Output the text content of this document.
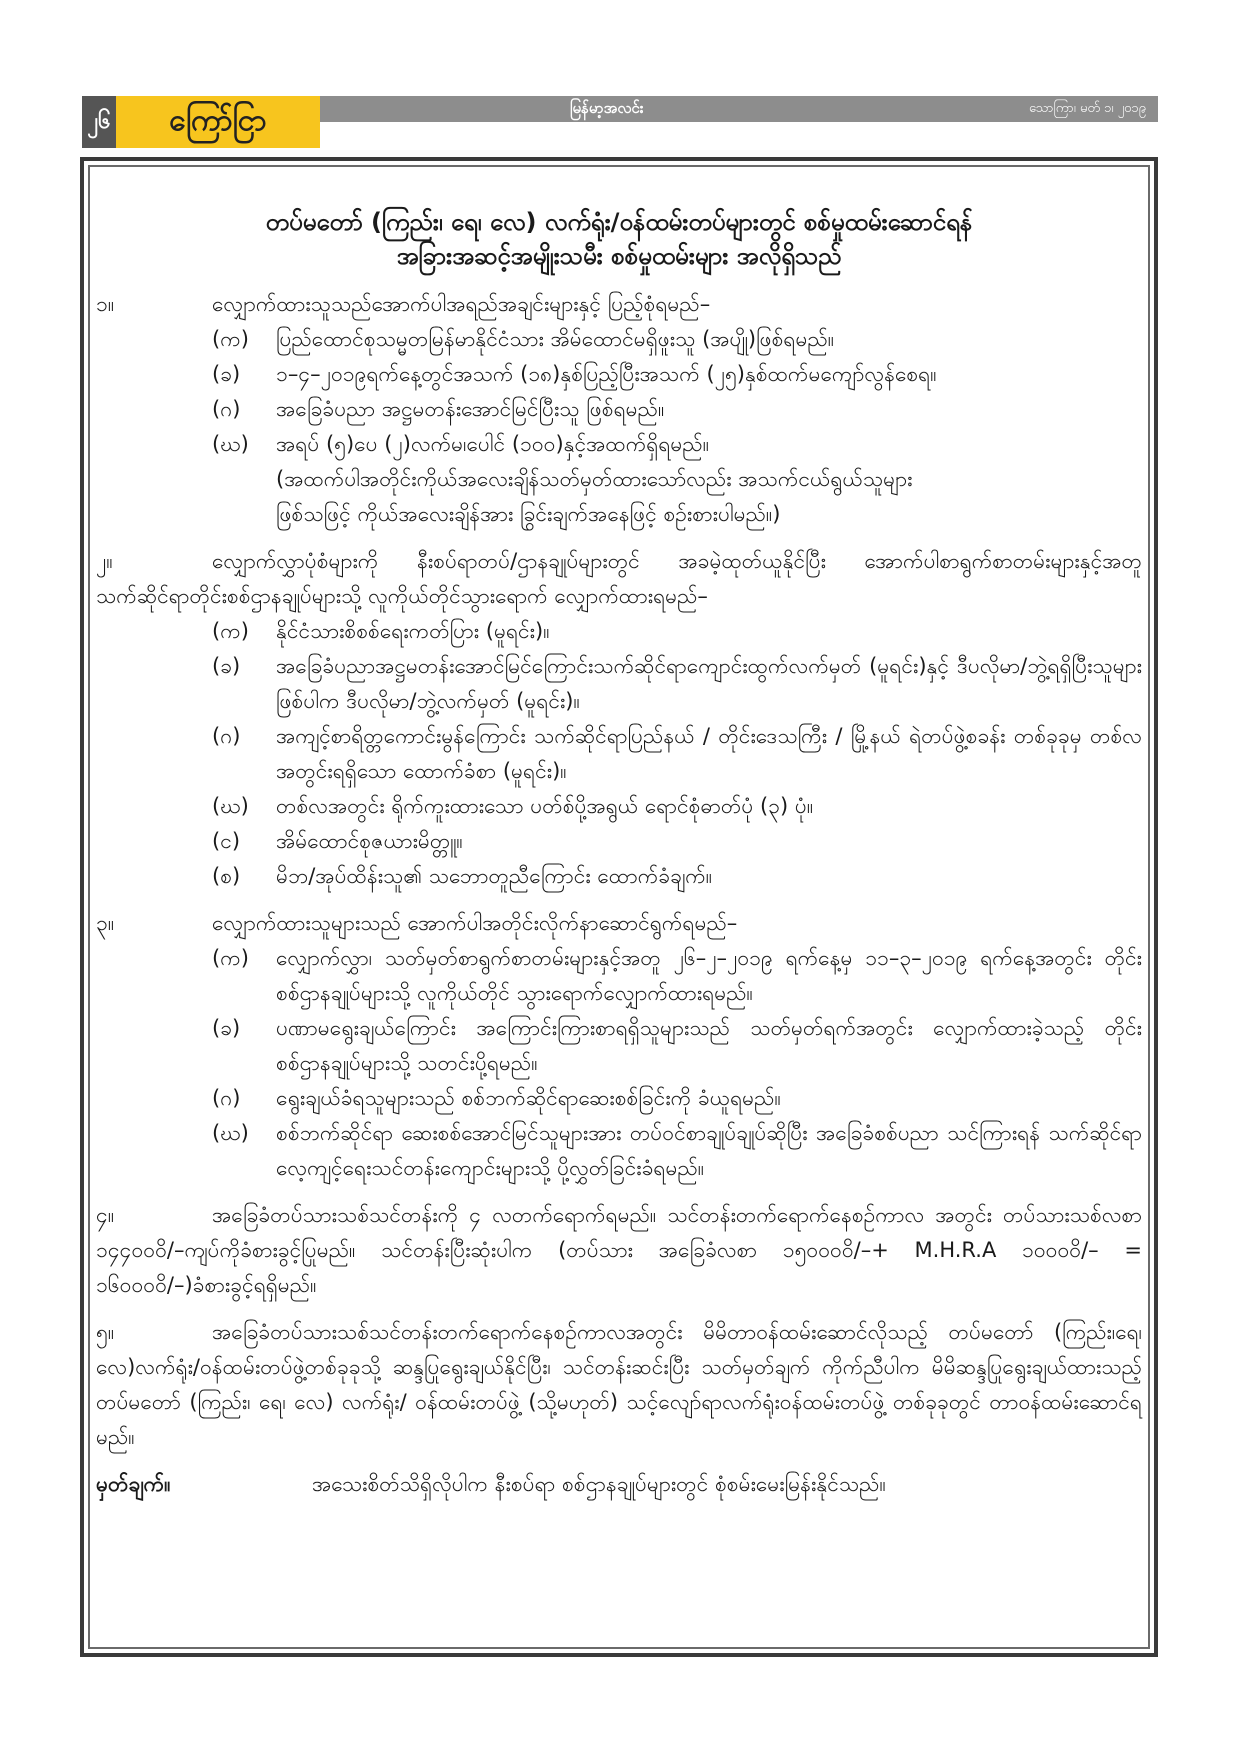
၂၆	ကြော်ငြာ	မြန်မာ့အလင်း	သောကြာ၊ မတ် ၁၊ ၂၀၁၉
တပ်မတော် (ကြည်း၊ ရေ၊ လေ) လက်ရုံး/ဝန်ထမ်းတပ်များတွင် စစ်မှုထမ်းဆောင်ရန်
အခြားအဆင့်အမျိုးသမီး စစ်မှုထမ်းများ အလိုရှိသည်
၁။	လျှောက်ထားသူသည်အောက်ပါအရည်အချင်းများနှင့် ပြည့်စုံရမည်–
(က)	ပြည်ထောင်စုသမ္မတမြန်မာနိုင်ငံသား အိမ်ထောင်မရှိဖူးသူ (အပျို)ဖြစ်ရမည်။
(ခ)	၁–၄–၂၀၁၉ရက်နေ့တွင်အသက် (၁၈)နှစ်ပြည့်ပြီးအသက် (၂၅)နှစ်ထက်မကျော်လွန်စေရ။
(ဂ)	အခြေခံပညာ အဋ္ဌမတန်းအောင်မြင်ပြီးသူ ဖြစ်ရမည်။
(ဃ)	အရပ် (၅)ပေ (၂)လက်မ၊ပေါင် (၁၀၀)နှင့်အထက်ရှိရမည်။
(အထက်ပါအတိုင်းကိုယ်အလေးချိန်သတ်မှတ်ထားသော်လည်း အသက်ငယ်ရွယ်သူများ
ဖြစ်သဖြင့် ကိုယ်အလေးချိန်အား ခြွင်းချက်အနေဖြင့် စဉ်းစားပါမည်။)
၂။	လျှောက်လွှာပုံစံများကို နီးစပ်ရာတပ်/ဌာနချုပ်များတွင် အခမဲ့ထုတ်ယူနိုင်ပြီး အောက်ပါစာရွက်စာတမ်းများနှင့်အတူ သက်ဆိုင်ရာတိုင်းစစ်ဌာနချုပ်များသို့ လူကိုယ်တိုင်သွားရောက် လျှောက်ထားရမည်–
(က)	နိုင်ငံသားစိစစ်ရေးကတ်ပြား (မူရင်း)။
(ခ)	အခြေခံပညာအဋ္ဌမတန်းအောင်မြင်ကြောင်းသက်ဆိုင်ရာကျောင်းထွက်လက်မှတ် (မူရင်း)နှင့် ဒီပလိုမာ/ဘွဲ့ရရှိပြီးသူများဖြစ်ပါက ဒီပလိုမာ/ဘွဲ့လက်မှတ် (မူရင်း)။
(ဂ)	အကျင့်စာရိတ္တကောင်းမွန်ကြောင်း သက်ဆိုင်ရာပြည်နယ် / တိုင်းဒေသကြီး / မြို့နယ် ရဲတပ်ဖွဲ့စခန်း တစ်ခုခုမှ တစ်လအတွင်းရရှိသော ထောက်ခံစာ (မူရင်း)။
(ဃ)	တစ်လအတွင်း ရိုက်ကူးထားသော ပတ်စ်ပို့အရွယ် ရောင်စုံဓာတ်ပုံ (၃) ပုံ။
(င)	အိမ်ထောင်စုဇယားမိတ္တူ။
(စ)	မိဘ/အုပ်ထိန်းသူ၏ သဘောတူညီကြောင်း ထောက်ခံချက်။
၃။	လျှောက်ထားသူများသည် အောက်ပါအတိုင်းလိုက်နာဆောင်ရွက်ရမည်–
(က)	လျှောက်လွှာ၊ သတ်မှတ်စာရွက်စာတမ်းများနှင့်အတူ ၂၆–၂–၂၀၁၉ ရက်နေ့မှ ၁၁–၃–၂၀၁၉ ရက်နေ့အတွင်း တိုင်းစစ်ဌာနချုပ်များသို့ လူကိုယ်တိုင် သွားရောက်လျှောက်ထားရမည်။
(ခ)	ပဏာမရွေးချယ်ကြောင်း အကြောင်းကြားစာရရှိသူများသည် သတ်မှတ်ရက်အတွင်း လျှောက်ထားခဲ့သည့် တိုင်းစစ်ဌာနချုပ်များသို့ သတင်းပို့ရမည်။
(ဂ)	ရွေးချယ်ခံရသူများသည် စစ်ဘက်ဆိုင်ရာဆေးစစ်ခြင်းကို ခံယူရမည်။
(ဃ)	စစ်ဘက်ဆိုင်ရာ ဆေးစစ်အောင်မြင်သူများအား တပ်ဝင်စာချုပ်ချုပ်ဆိုပြီး အခြေခံစစ်ပညာ သင်ကြားရန် သက်ဆိုင်ရာ လေ့ကျင့်ရေးသင်တန်းကျောင်းများသို့ ပို့လွှတ်ခြင်းခံရမည်။
၄။	အခြေခံတပ်သားသစ်သင်တန်းကို ၄ လတက်ရောက်ရမည်။ သင်တန်းတက်ရောက်နေစဉ်ကာလ အတွင်း တပ်သားသစ်လစာ ၁၄၄၀၀၀ိ/–ကျပ်ကိုခံစားခွင့်ပြုမည်။ သင်တန်းပြီးဆုံးပါက (တပ်သား အခြေခံလစာ ၁၅၀၀၀၀ိ/–+ M.H.R.A ၁၀၀၀၀ိ/– = ၁၆၀၀၀၀ိ/–)ခံစားခွင့်ရရှိမည်။
၅။	အခြေခံတပ်သားသစ်သင်တန်းတက်ရောက်နေစဉ်ကာလအတွင်း မိမိတာဝန်ထမ်းဆောင်လိုသည့် တပ်မတော် (ကြည်း၊ရေ၊လေ)လက်ရုံး/ဝန်ထမ်းတပ်ဖွဲ့တစ်ခုခုသို့ ဆန္ဒပြုရွေးချယ်နိုင်ပြီး၊ သင်တန်းဆင်းပြီး သတ်မှတ်ချက် ကိုက်ညီပါက မိမိဆန္ဒပြုရွေးချယ်ထားသည့် တပ်မတော် (ကြည်း၊ ရေ၊ လေ) လက်ရုံး/ ဝန်ထမ်းတပ်ဖွဲ့ (သို့မဟုတ်) သင့်လျော်ရာလက်ရုံးဝန်ထမ်းတပ်ဖွဲ့ တစ်ခုခုတွင် တာဝန်ထမ်းဆောင်ရမည်။
မှတ်ချက်။	အသေးစိတ်သိရှိလိုပါက နီးစပ်ရာ စစ်ဌာနချုပ်များတွင် စုံစမ်းမေးမြန်းနိုင်သည်။
